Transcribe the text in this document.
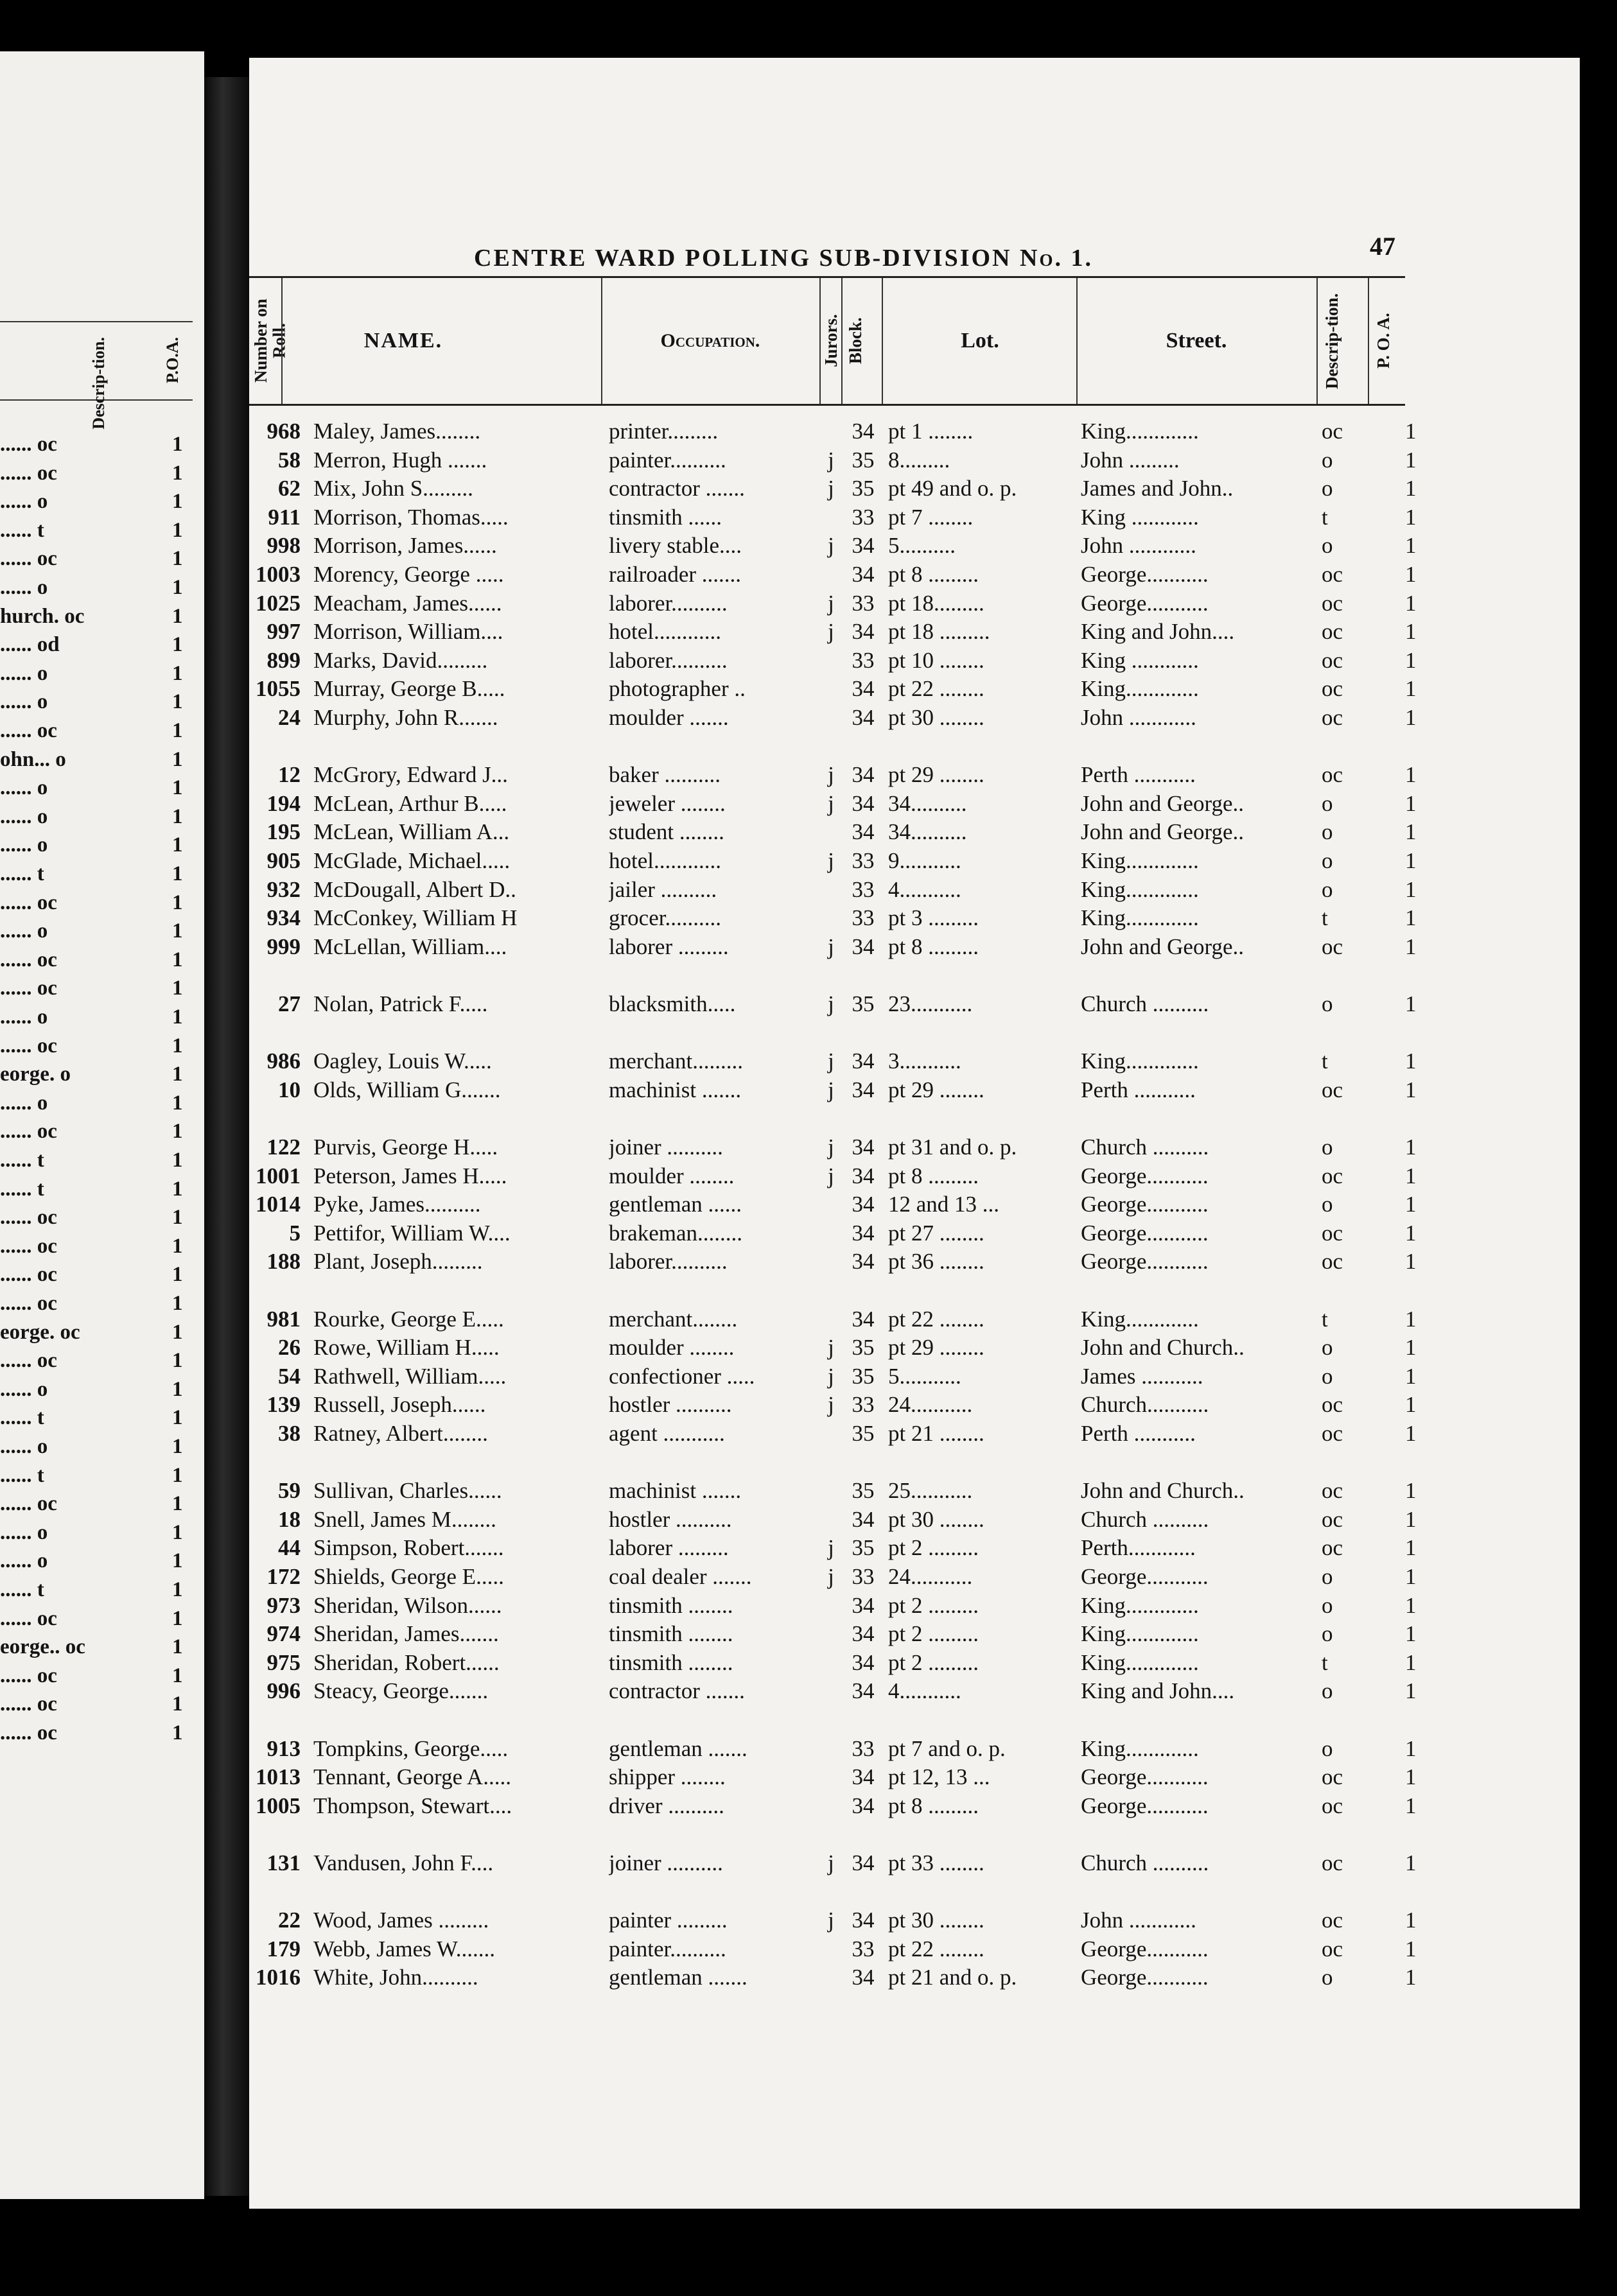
Descrip-tion.	P.O.A.
...... oc	1
...... oc	1
...... o	1
...... t	1
...... oc	1
...... o	1
hurch. oc	1
...... od	1
...... o	1
...... o	1
...... oc	1
ohn... o	1
...... o	1
...... o	1
...... o	1
...... t	1
...... oc	1
...... o	1
...... oc	1
...... oc	1
...... o	1
...... oc	1
eorge. o	1
...... o	1
...... oc	1
...... t	1
...... t	1
...... oc	1
...... oc	1
...... oc	1
...... oc	1
eorge. oc	1
...... oc	1
...... o	1
...... t	1
...... o	1
...... t	1
...... oc	1
...... o	1
...... o	1
...... t	1
...... oc	1
eorge.. oc	1
...... oc	1
...... oc	1
...... oc	1
CENTRE WARD POLLING SUB-DIVISION No. 1.	47
Number on Roll.	NAME.	Occupation.	Jurors. Block.	Lot.	Street.	Descrip-tion. P. O. A.
968 Maley, James........	printer.........	34 pt 1 ........	King.............	oc	1
58 Merron, Hugh .......	painter..........	j 35 8.........	John .........	o	1
62 Mix, John S.........	contractor .......	j 35 pt 49 and o. p.	James and John..	o	1
911 Morrison, Thomas.....	tinsmith ......	33 pt 7 ........	King ............	t	1
998 Morrison, James......	livery stable....	j 34 5..........	John ............	o	1
1003 Morency, George .....	railroader .......	34 pt 8 .........	George...........	oc	1
1025 Meacham, James......	laborer..........	j 33 pt 18.........	George...........	oc	1
997 Morrison, William....	hotel............	j 34 pt 18 .........	King and John....	oc	1
899 Marks, David.........	laborer..........	33 pt 10 ........	King ............	oc	1
1055 Murray, George B.....	photographer ..	34 pt 22 ........	King.............	oc	1
24 Murphy, John R.......	moulder .......	34 pt 30 ........	John ............	oc	1
12 McGrory, Edward J...	baker ..........	j 34 pt 29 ........	Perth ...........	oc	1
194 McLean, Arthur B.....	jeweler ........	j 34 34..........	John and George..	o	1
195 McLean, William A...	student ........	34 34..........	John and George..	o	1
905 McGlade, Michael.....	hotel............	j 33 9...........	King.............	o	1
932 McDougall, Albert D..	jailer ..........	33 4...........	King.............	o	1
934 McConkey, William H	grocer..........	33 pt 3 .........	King.............	t	1
999 McLellan, William....	laborer .........	j 34 pt 8 .........	John and George..	oc	1
27 Nolan, Patrick F.....	blacksmith.....	j 35 23...........	Church ..........	o	1
986 Oagley, Louis W.....	merchant.........	j 34 3...........	King.............	t	1
10 Olds, William G.......	machinist .......	j 34 pt 29 ........	Perth ...........	oc	1
122 Purvis, George H.....	joiner ..........	j 34 pt 31 and o. p.	Church ..........	o	1
1001 Peterson, James H.....	moulder ........	j 34 pt 8 .........	George...........	oc	1
1014 Pyke, James..........	gentleman ......	34 12 and 13 ...	George...........	o	1
5 Pettifor, William W....	brakeman........	34 pt 27 ........	George...........	oc	1
188 Plant, Joseph.........	laborer..........	34 pt 36 ........	George...........	oc	1
981 Rourke, George E.....	merchant........	34 pt 22 ........	King.............	t	1
26 Rowe, William H.....	moulder ........	j 35 pt 29 ........	John and Church..	o	1
54 Rathwell, William.....	confectioner .....	j 35 5...........	James ...........	o	1
139 Russell, Joseph......	hostler ..........	j 33 24...........	Church...........	oc	1
38 Ratney, Albert........	agent ...........	35 pt 21 ........	Perth ...........	oc	1
59 Sullivan, Charles......	machinist .......	35 25...........	John and Church..	oc	1
18 Snell, James M........	hostler ..........	34 pt 30 ........	Church ..........	oc	1
44 Simpson, Robert.......	laborer .........	j 35 pt 2 .........	Perth............	oc	1
172 Shields, George E.....	coal dealer .......	j 33 24...........	George...........	o	1
973 Sheridan, Wilson......	tinsmith ........	34 pt 2 .........	King.............	o	1
974 Sheridan, James.......	tinsmith ........	34 pt 2 .........	King.............	o	1
975 Sheridan, Robert......	tinsmith ........	34 pt 2 .........	King.............	t	1
996 Steacy, George.......	contractor .......	34 4...........	King and John....	o	1
913 Tompkins, George.....	gentleman .......	33 pt 7 and o. p.	King.............	o	1
1013 Tennant, George A.....	shipper ........	34 pt 12, 13 ...	George...........	oc	1
1005 Thompson, Stewart....	driver ..........	34 pt 8 .........	George...........	oc	1
131 Vandusen, John F....	joiner ..........	j 34 pt 33 ........	Church ..........	oc	1
22 Wood, James .........	painter .........	j 34 pt 30 ........	John ............	oc	1
179 Webb, James W.......	painter..........	33 pt 22 ........	George...........	oc	1
1016 White, John..........	gentleman .......	34 pt 21 and o. p.	George...........	o	1
